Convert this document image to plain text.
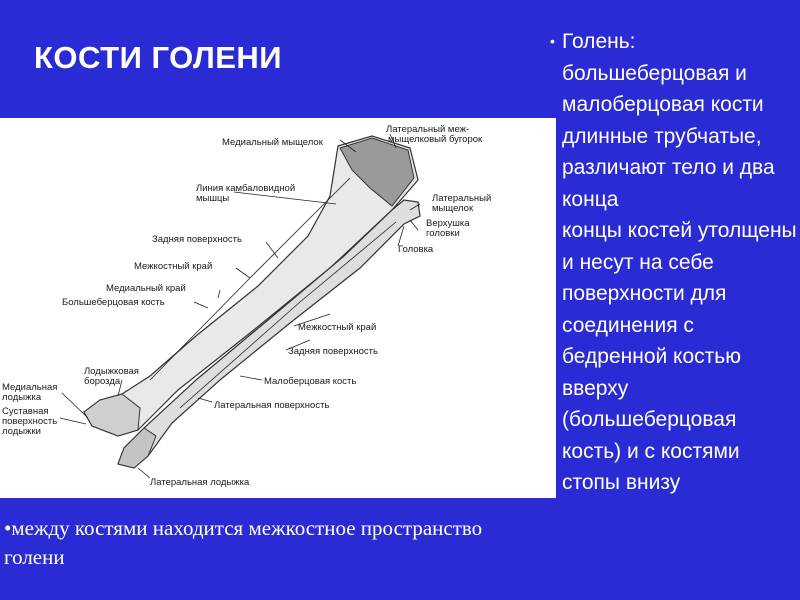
КОСТИ ГОЛЕНИ
Медиальный мыщелок
Латеральный меж-
мыщелковый бугорок
Линия камбаловидной
мышцы	Латеральный
мыщелок
Верхушка
головки
Головка
Задняя поверхность
Межкостный край
Медиальный край
Большеберцовая кость
Межкостный край
Задняя поверхность
Лодыжковая
борозда	Малоберцовая кость
Медиальная
лодыжка
Суставная
поверхность
лодыжки
Латеральная поверхность
Латеральная лодыжка

• Голень: большеберцовая и малоберцовая кости

• длинные трубчатые, различают тело и два конца

• концы костей утолщены и несут на себе поверхности для соединения с бедренной костью вверху (большеберцовая кость) и с костями стопы внизу

•между костями находится межкостное пространство голени
